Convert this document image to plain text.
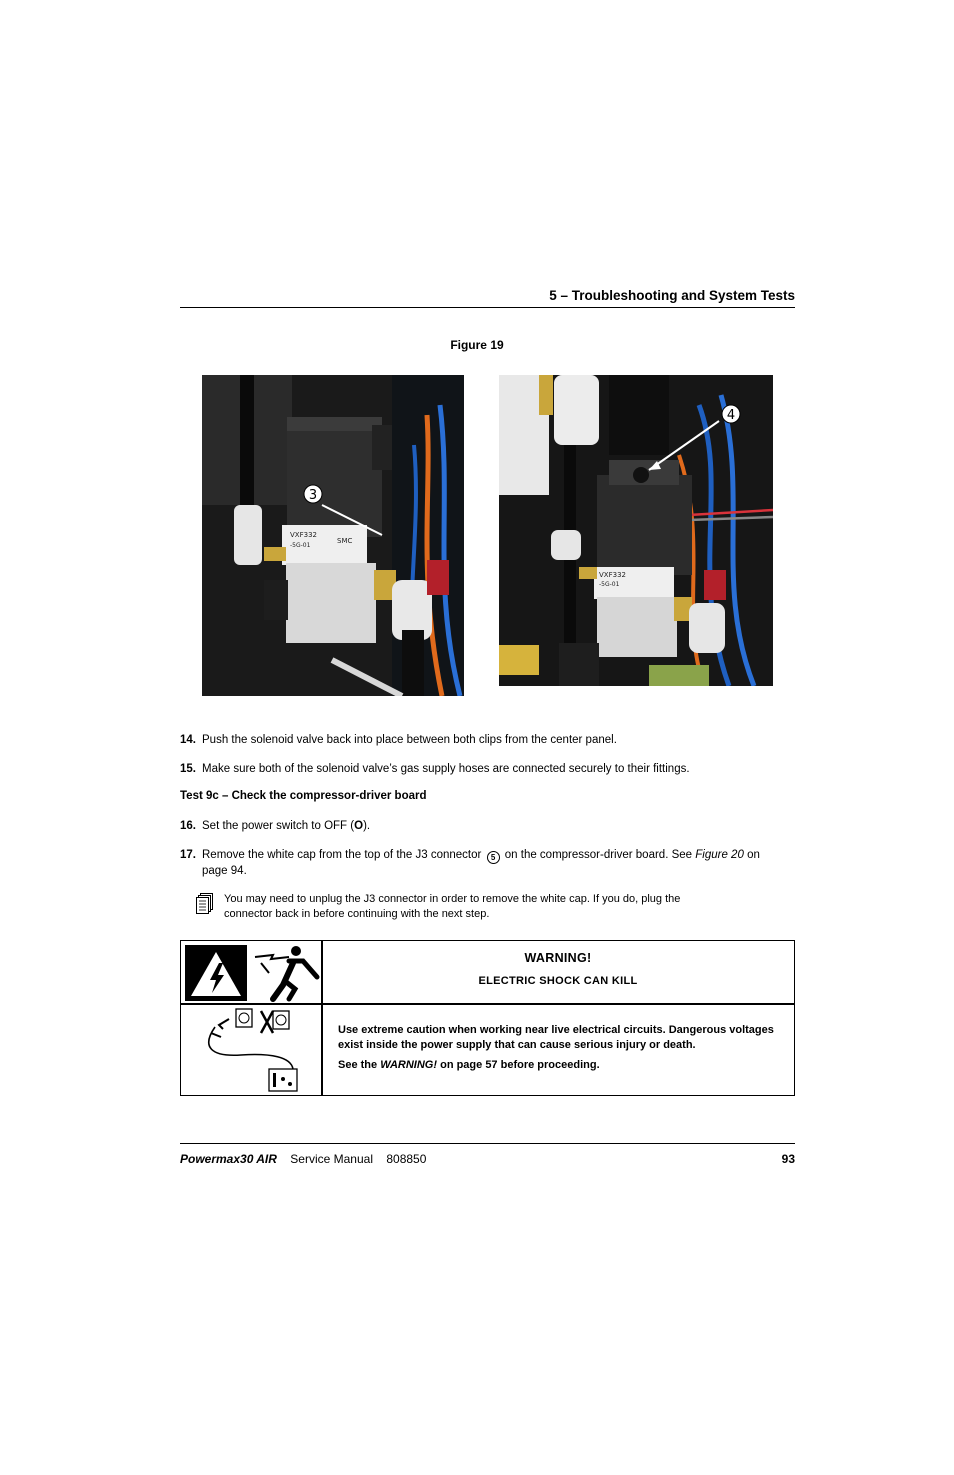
5 – Troubleshooting and System Tests
Figure 19
VXF332
-5G-01
SMC
3
VXF332
-5G-01
4
14. Push the solenoid valve back into place between both clips from the center panel.
15. Make sure both of the solenoid valve’s gas supply hoses are connected securely to their fittings.
Test 9c – Check the compressor-driver board
16. Set the power switch to OFF (O).
17. Remove the white cap from the top of the J3 connector 5 on the compressor-driver board. See Figure 20 on page 94.
You may need to unplug the J3 connector in order to remove the white cap. If you do, plug the connector back in before continuing with the next step.
WARNING!
ELECTRIC SHOCK CAN KILL
Use extreme caution when working near live electrical circuits. Dangerous voltages exist inside the power supply that can cause serious injury or death.
See the WARNING! on page 57 before proceeding.
Powermax30 AIR Service Manual 808850	93
